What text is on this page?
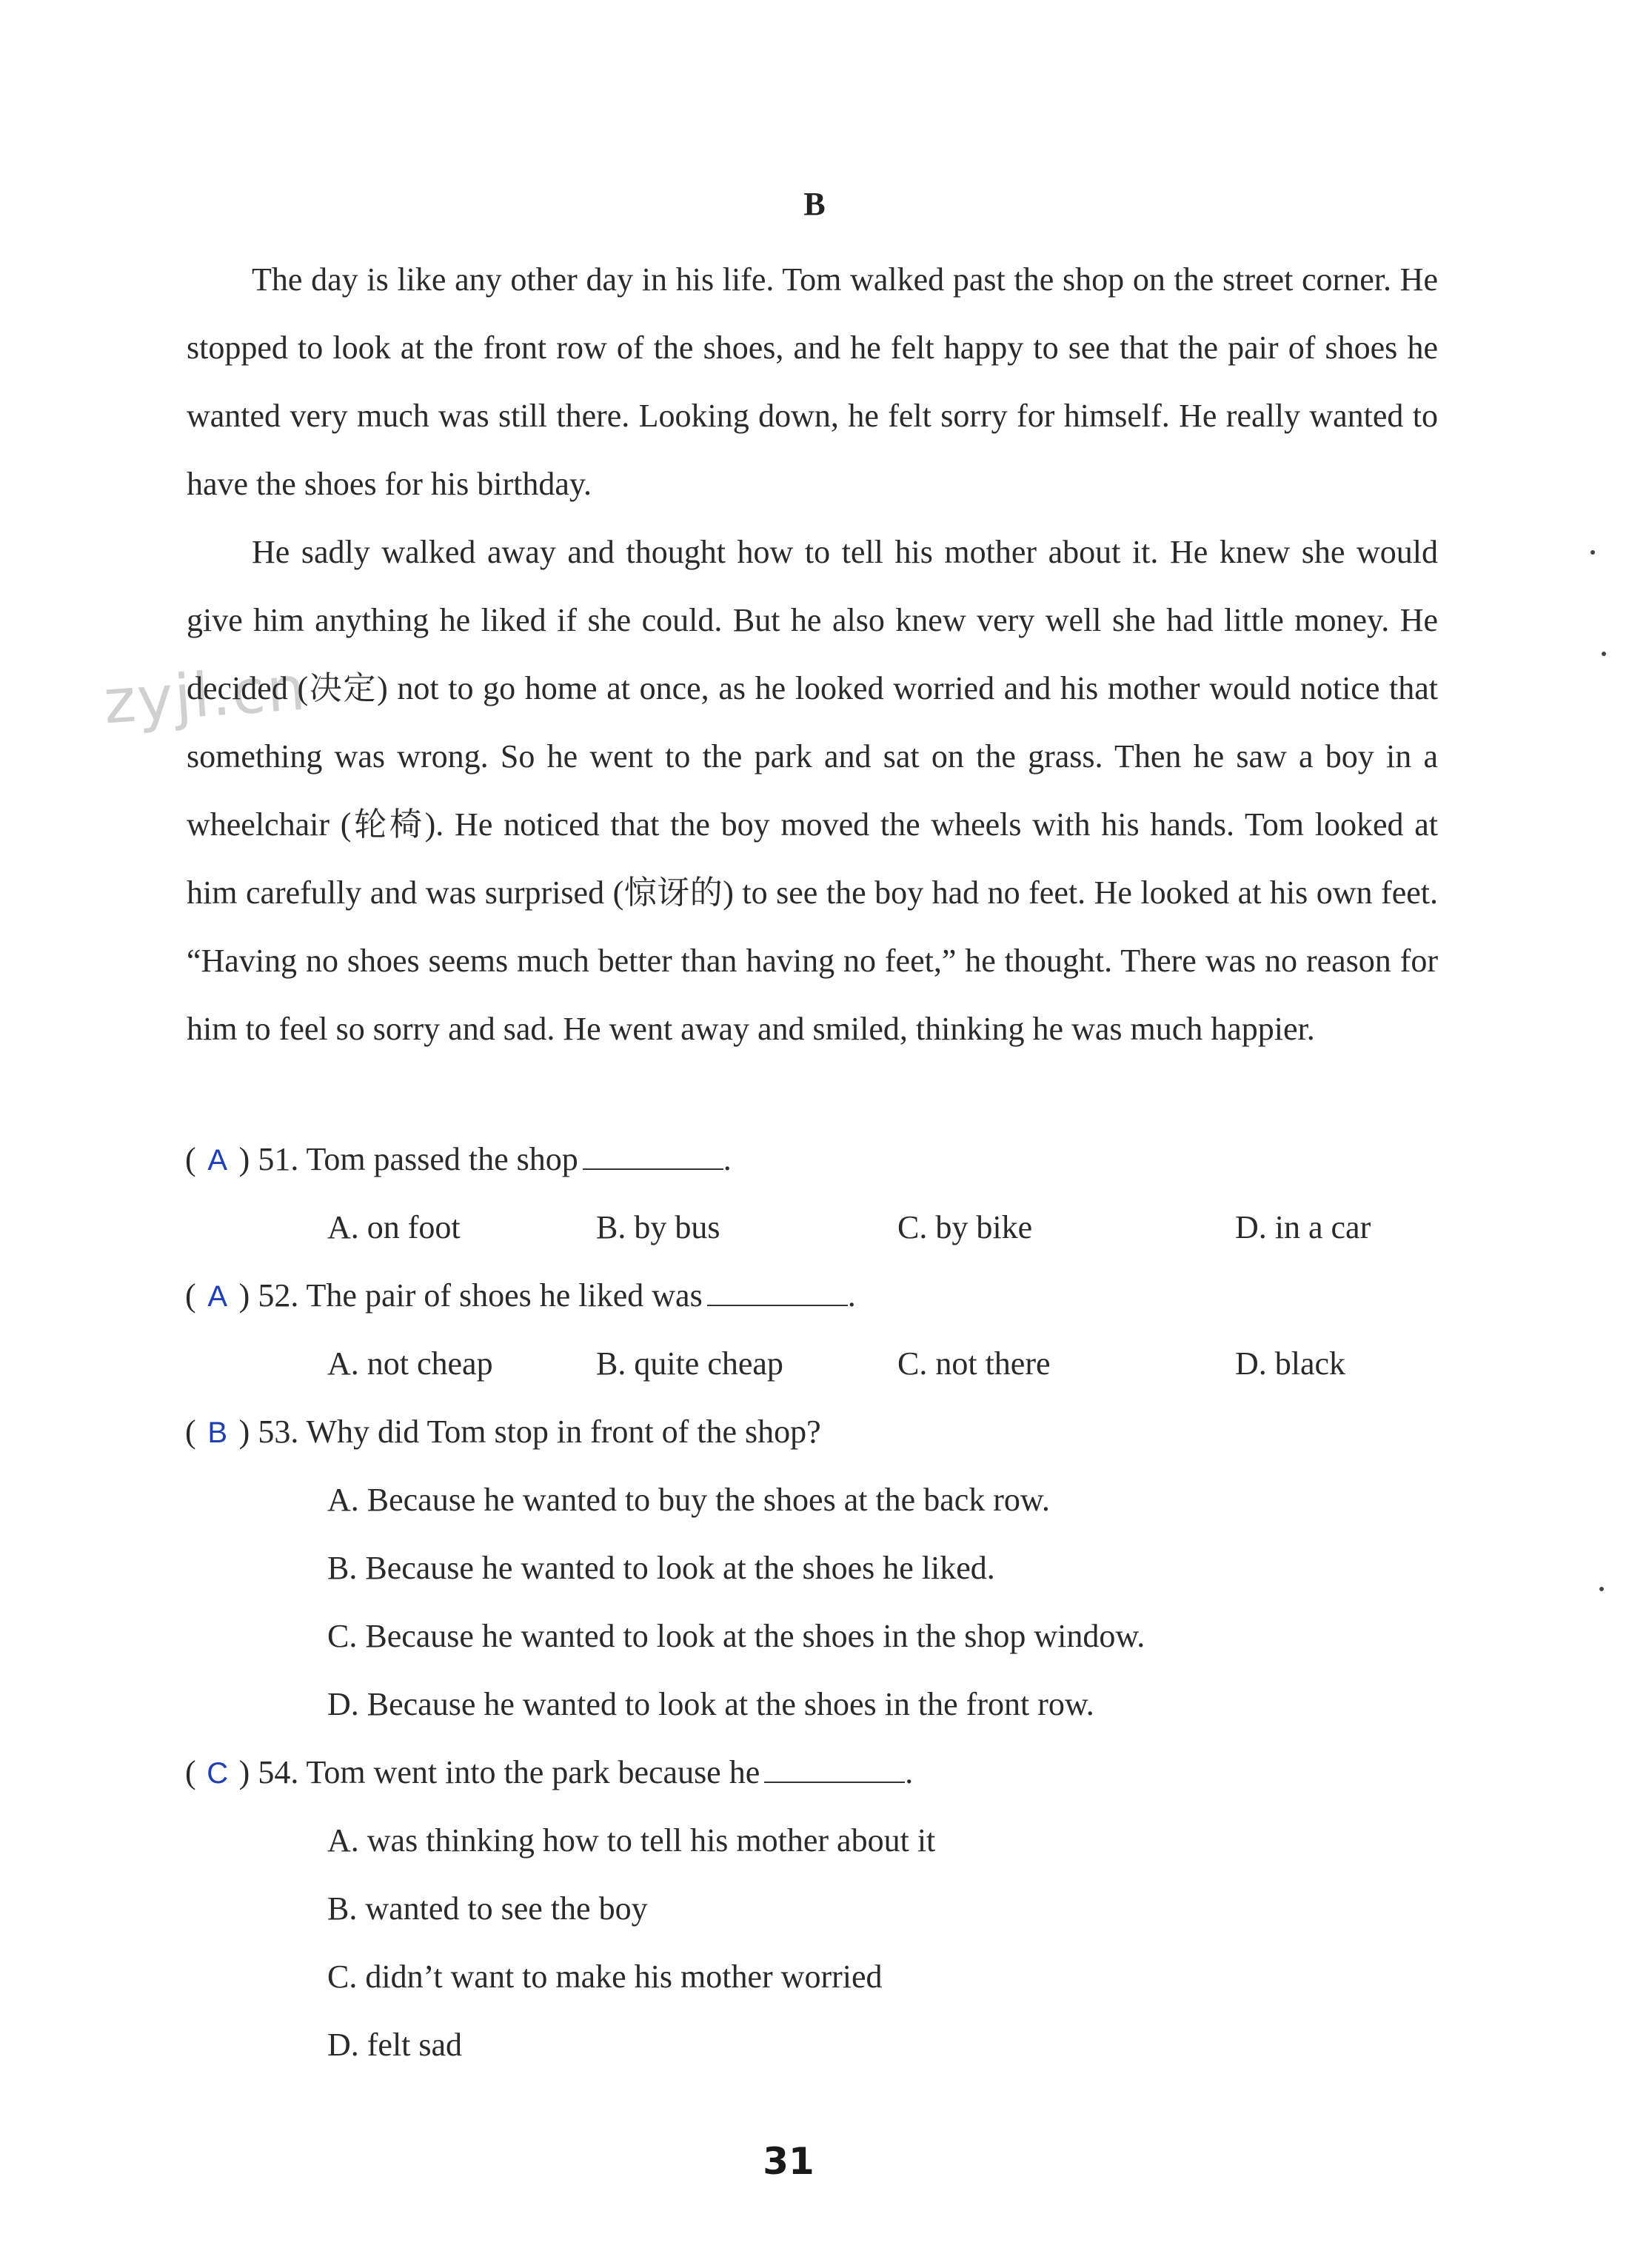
zyjl.cn
B

The day is like any other day in his life. Tom walked past the shop on the street corner. He stopped to look at the front row of the shoes, and he felt happy to see that the pair of shoes he wanted very much was still there. Looking down, he felt sorry for himself. He really wanted to have the shoes for his birthday.

He sadly walked away and thought how to tell his mother about it. He knew she would give him anything he liked if she could. But he also knew very well she had little money. He decided (决定) not to go home at once, as he looked worried and his mother would notice that something was wrong. So he went to the park and sat on the grass. Then he saw a boy in a wheelchair (轮椅). He noticed that the boy moved the wheels with his hands. Tom looked at him carefully and was surprised (惊讶的) to see the boy had no feet. He looked at his own feet. “Having no shoes seems much better than having no feet,” he thought. There was no reason for him to feel so sorry and sad. He went away and smiled, thinking he was much happier.

( A ) 51. Tom passed the shop	.
A. on foot	B. by bus	C. by bike	D. in a car
( A ) 52. The pair of shoes he liked was	.
A. not cheap	B. quite cheap	C. not there	D. black
( B ) 53. Why did Tom stop in front of the shop?
A. Because he wanted to buy the shoes at the back row.
B. Because he wanted to look at the shoes he liked.
C. Because he wanted to look at the shoes in the shop window.
D. Because he wanted to look at the shoes in the front row.
( C ) 54. Tom went into the park because he	.
A. was thinking how to tell his mother about it
B. wanted to see the boy
C. didn’t want to make his mother worried
D. felt sad
31
